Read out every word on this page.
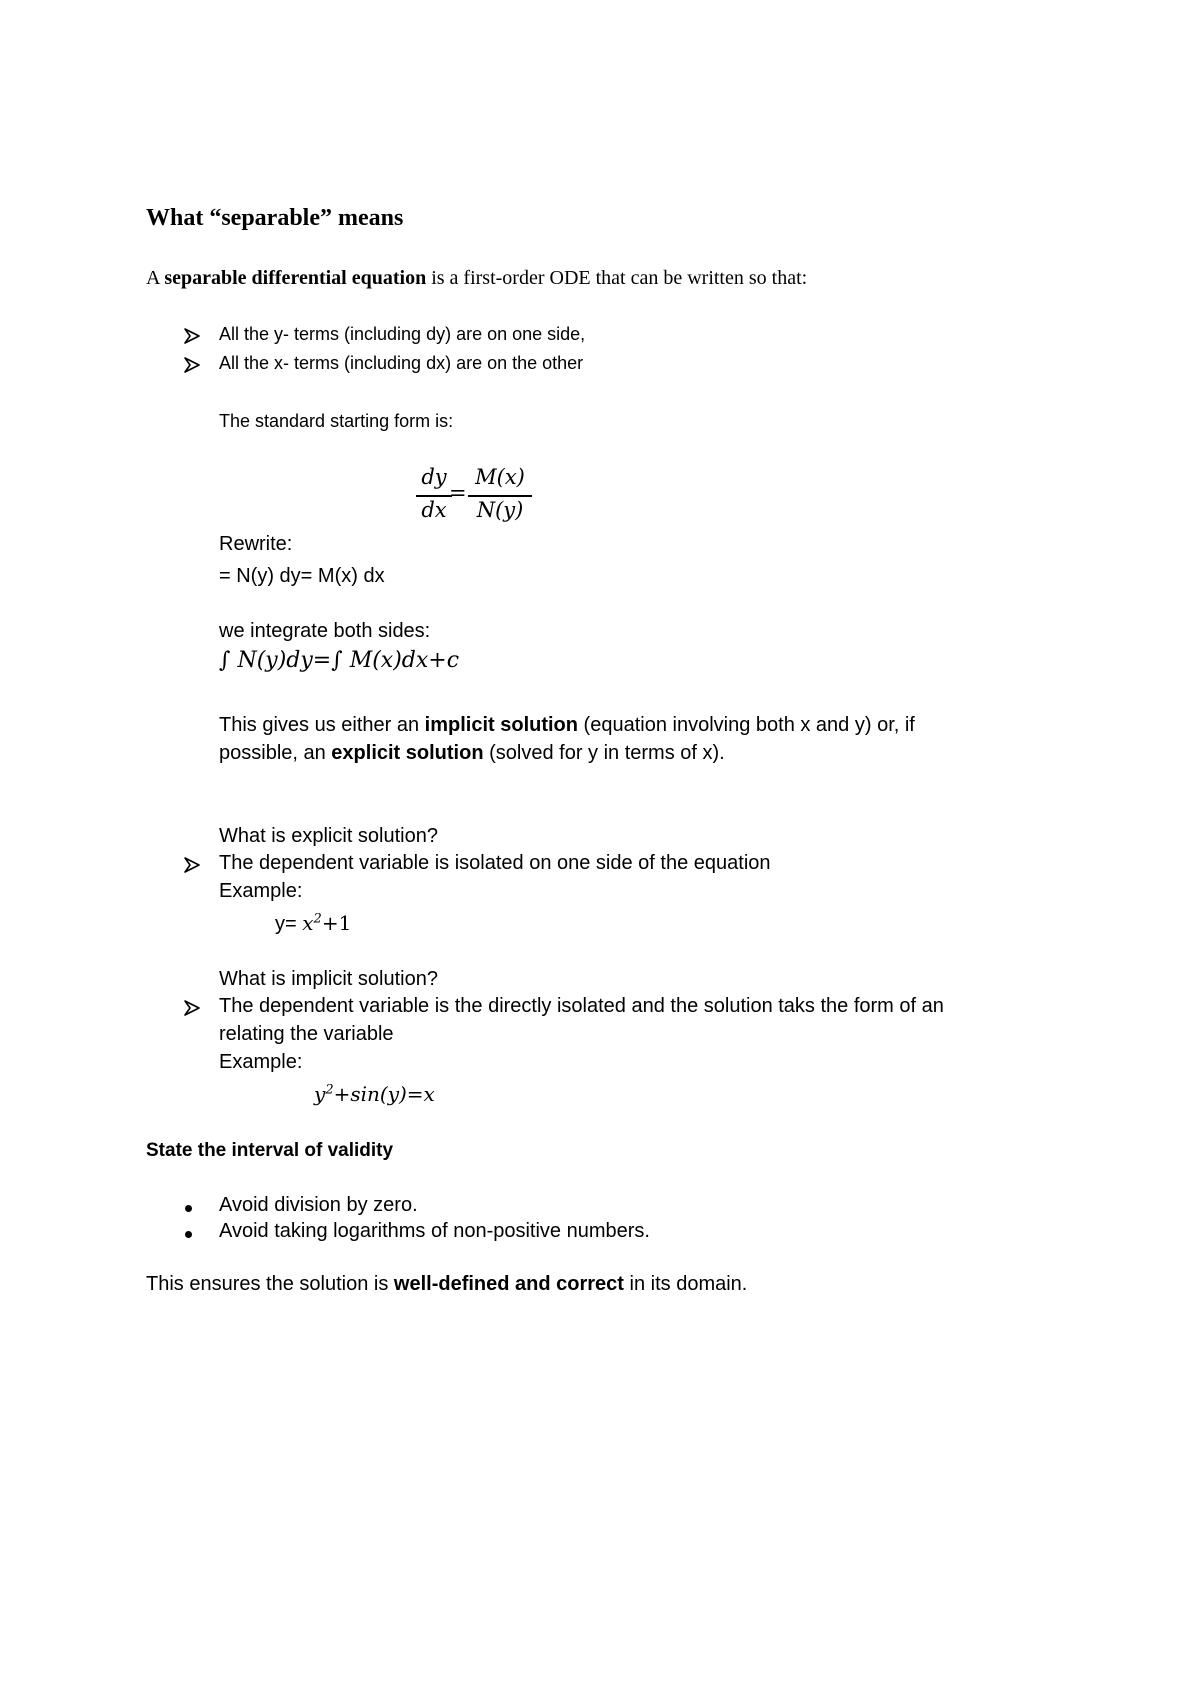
What “separable” means
A separable differential equation is a first-order ODE that can be written so that:
All the y- terms (including dy) are on one side,
All the x- terms (including dx) are on the other
The standard starting form is:
dy
dx
=
M(x)
N(y)
Rewrite:
= N(y) dy= M(x) dx
we integrate both sides:
∫ N(y)dy=∫ M(x)dx+c
This gives us either an implicit solution (equation involving both x and y) or, if
possible, an explicit solution (solved for y in terms of x).
What is explicit solution?
The dependent variable is isolated on one side of the equation
Example:
$y= x^2+1$
What is implicit solution?
The dependent variable is the directly isolated and the solution taks the form of an
relating the variable
Example:
$y^2+\sin(y)=x$
State the interval of validity
Avoid division by zero.
Avoid taking logarithms of non-positive numbers.
This ensures the solution is well-defined and correct in its domain.
